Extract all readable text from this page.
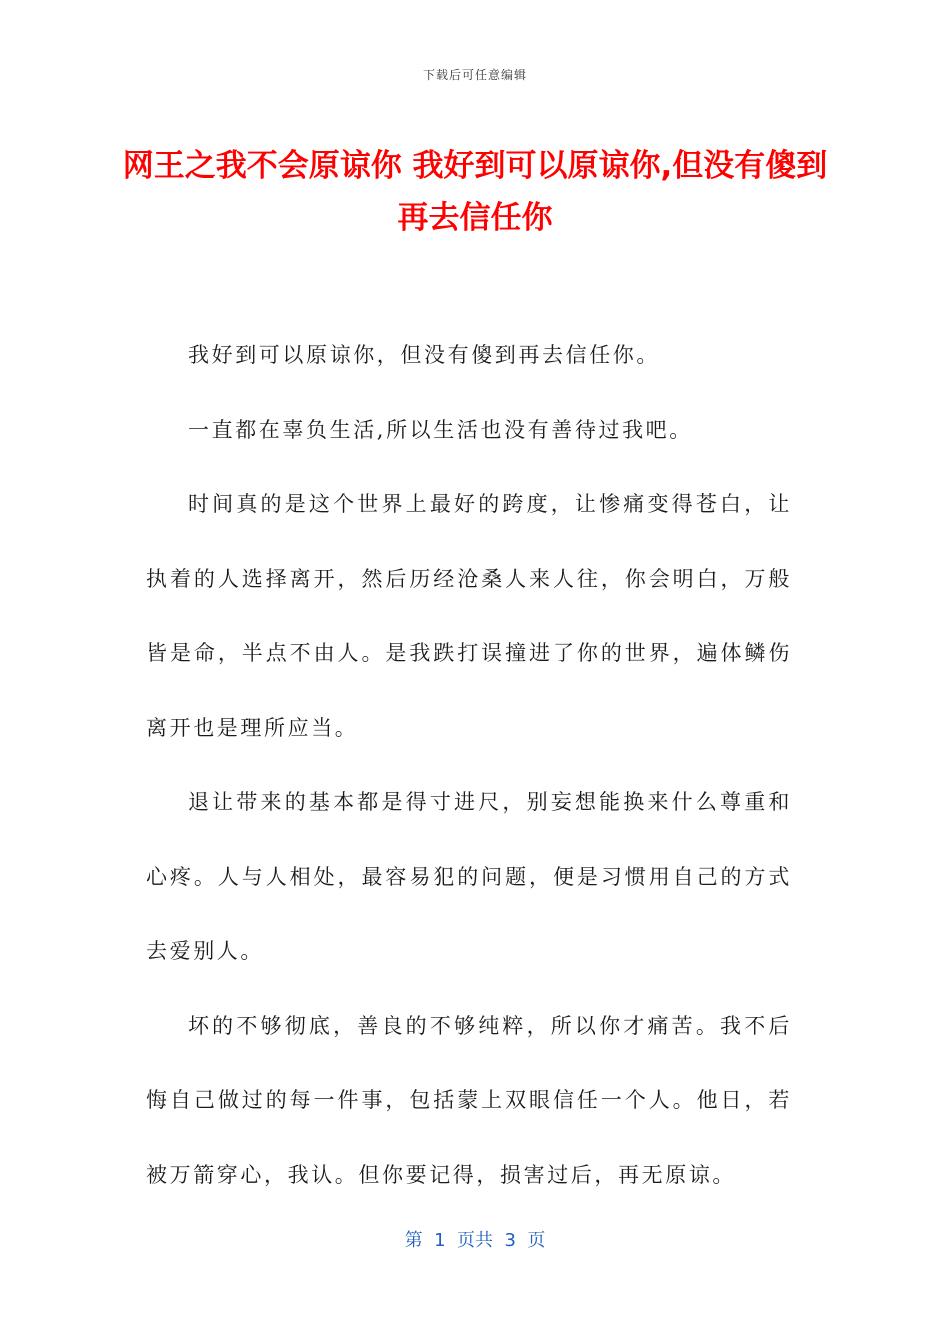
下载后可任意编辑
网王之我不会原谅你 我好到可以原谅你,但没有傻到再去信任你

我好到可以原谅你，但没有傻到再去信任你。

一直都在辜负生活,所以生活也没有善待过我吧。

时间真的是这个世界上最好的跨度，让惨痛变得苍白，让执着的人选择离开，然后历经沧桑人来人往，你会明白，万般皆是命，半点不由人。是我跌打误撞进了你的世界，遍体鳞伤离开也是理所应当。

退让带来的基本都是得寸进尺，别妄想能换来什么尊重和心疼。人与人相处，最容易犯的问题，便是习惯用自己的方式去爱别人。

坏的不够彻底，善良的不够纯粹，所以你才痛苦。我不后悔自己做过的每一件事，包括蒙上双眼信任一个人。他日，若被万箭穿心，我认。但你要记得，损害过后，再无原谅。

第  1  页共  3  页
